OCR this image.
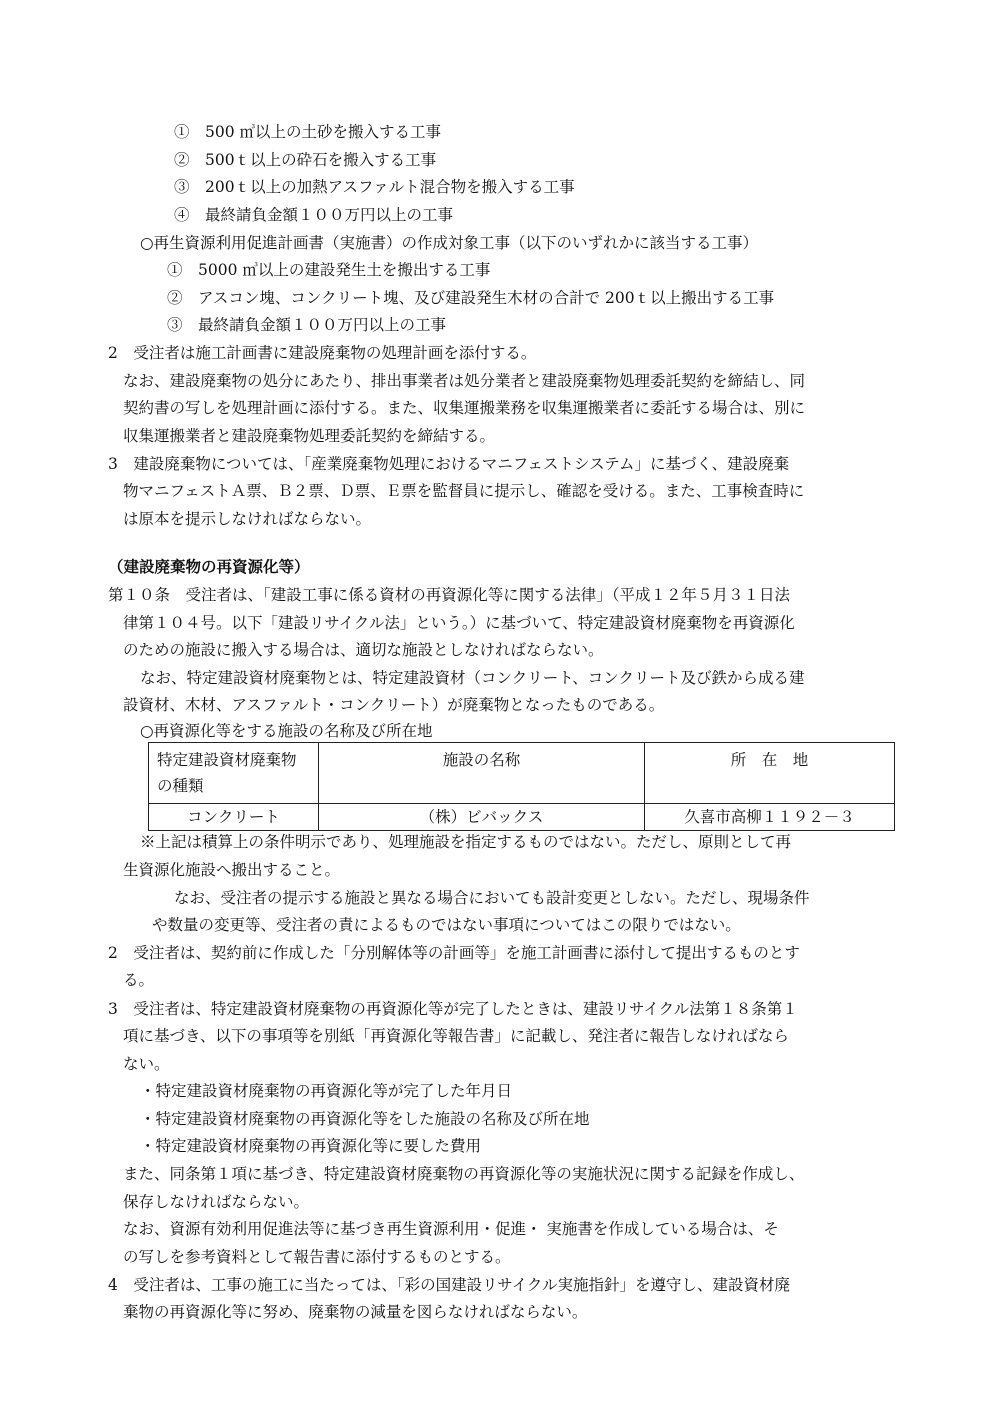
①　500 ㎥以上の土砂を搬入する工事
②　500ｔ以上の砕石を搬入する工事
③　200ｔ以上の加熱アスファルト混合物を搬入する工事
④　最終請負金額１００万円以上の工事
○再生資源利用促進計画書（実施書）の作成対象工事（以下のいずれかに該当する工事）
①　5000 ㎥以上の建設発生土を搬出する工事
②　アスコン塊、コンクリート塊、及び建設発生木材の合計で 200ｔ以上搬出する工事
③　最終請負金額１００万円以上の工事
2　受注者は施工計画書に建設廃棄物の処理計画を添付する。
なお、建設廃棄物の処分にあたり、排出事業者は処分業者と建設廃棄物処理委託契約を締結し、同
契約書の写しを処理計画に添付する。また、収集運搬業務を収集運搬業者に委託する場合は、別に
収集運搬業者と建設廃棄物処理委託契約を締結する。
3　建設廃棄物については、「産業廃棄物処理におけるマニフェストシステム」に基づく、建設廃棄
物マニフェストＡ票、Ｂ２票、Ｄ票、Ｅ票を監督員に提示し、確認を受ける。また、工事検査時に
は原本を提示しなければならない。
（建設廃棄物の再資源化等）
第１０条　受注者は、「建設工事に係る資材の再資源化等に関する法律」（平成１２年５月３１日法
律第１０４号。以下「建設リサイクル法」という。）に基づいて、特定建設資材廃棄物を再資源化
のための施設に搬入する場合は、適切な施設としなければならない。
なお、特定建設資材廃棄物とは、特定建設資材（コンクリート、コンクリート及び鉄から成る建
設資材、木材、アスファルト・コンクリート）が廃棄物となったものである。
○再資源化等をする施設の名称及び所在地
特定建設資材廃棄物の種類	施設の名称	所　在　地
コンクリート	（株）ビバックス	久喜市高柳１１９２－３
※上記は積算上の条件明示であり、処理施設を指定するものではない。ただし、原則として再
生資源化施設へ搬出すること。
なお、受注者の提示する施設と異なる場合においても設計変更としない。ただし、現場条件
や数量の変更等、受注者の責によるものではない事項についてはこの限りではない。
2　受注者は、契約前に作成した「分別解体等の計画等」を施工計画書に添付して提出するものとす
る。
3　受注者は、特定建設資材廃棄物の再資源化等が完了したときは、建設リサイクル法第１８条第１
項に基づき、以下の事項等を別紙「再資源化等報告書」に記載し、発注者に報告しなければなら
ない。
・特定建設資材廃棄物の再資源化等が完了した年月日
・特定建設資材廃棄物の再資源化等をした施設の名称及び所在地
・特定建設資材廃棄物の再資源化等に要した費用
また、同条第１項に基づき、特定建設資材廃棄物の再資源化等の実施状況に関する記録を作成し、
保存しなければならない。
なお、資源有効利用促進法等に基づき再生資源利用・促進・ 実施書を作成している場合は、そ
の写しを参考資料として報告書に添付するものとする。
4　受注者は、工事の施工に当たっては、「彩の国建設リサイクル実施指針」を遵守し、建設資材廃
棄物の再資源化等に努め、廃棄物の減量を図らなければならない。
